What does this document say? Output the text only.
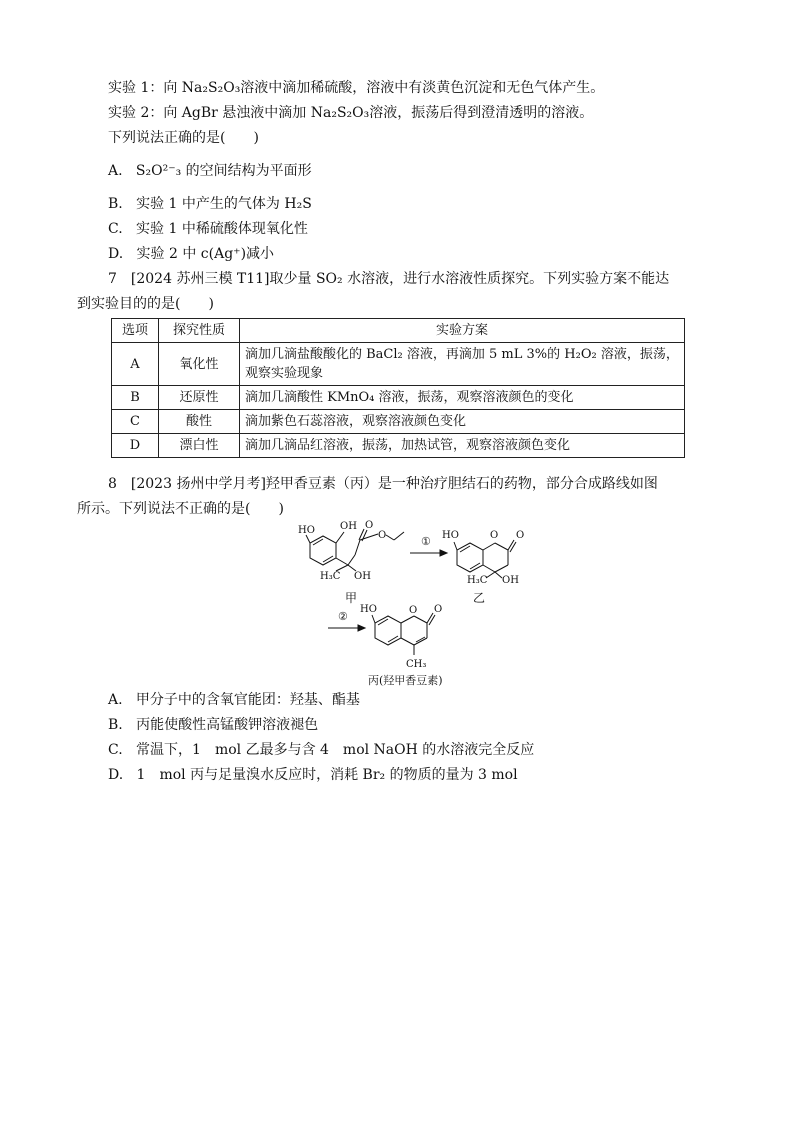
实验 1：向 Na₂S₂O₃溶液中滴加稀硫酸，溶液中有淡黄色沉淀和无色气体产生。
实验 2：向 AgBr 悬浊液中滴加 Na₂S₂O₃溶液，振荡后得到澄清透明的溶液。
下列说法正确的是(　　)
A. S₂O²⁻₃ 的空间结构为平面形
B. 实验 1 中产生的气体为 H₂S
C. 实验 1 中稀硫酸体现氧化性
D. 实验 2 中 c(Ag⁺)减小
7　[2024 苏州三模 T11]取少量 SO₂ 水溶液，进行水溶液性质探究。下列实验方案不能达
到实验目的的是(　　)
选项	探究性质	实验方案
A	氧化性	滴加几滴盐酸酸化的 BaCl₂ 溶液，再滴加 5 mL 3%的 H₂O₂ 溶液，振荡，
观察实验现象
B	还原性	滴加几滴酸性 KMnO₄ 溶液，振荡，观察溶液颜色的变化
C	酸性	滴加紫色石蕊溶液，观察溶液颜色变化
D	漂白性	滴加几滴品红溶液，振荡，加热试管，观察溶液颜色变化
8　[2023 扬州中学月考]羟甲香豆素（丙）是一种治疗胆结石的药物，部分合成路线如图
所示。下列说法不正确的是(　　)
HO	OH O
O
H₃C OH
甲
① HO	O O
H₃C OH
乙
②
HO	O O
CH₃
丙(羟甲香豆素)
A. 甲分子中的含氧官能团：羟基、酯基
B. 丙能使酸性高锰酸钾溶液褪色
C. 常温下，1　mol 乙最多与含 4　mol NaOH 的水溶液完全反应
D. 1　mol 丙与足量溴水反应时，消耗 Br₂ 的物质的量为 3 mol
